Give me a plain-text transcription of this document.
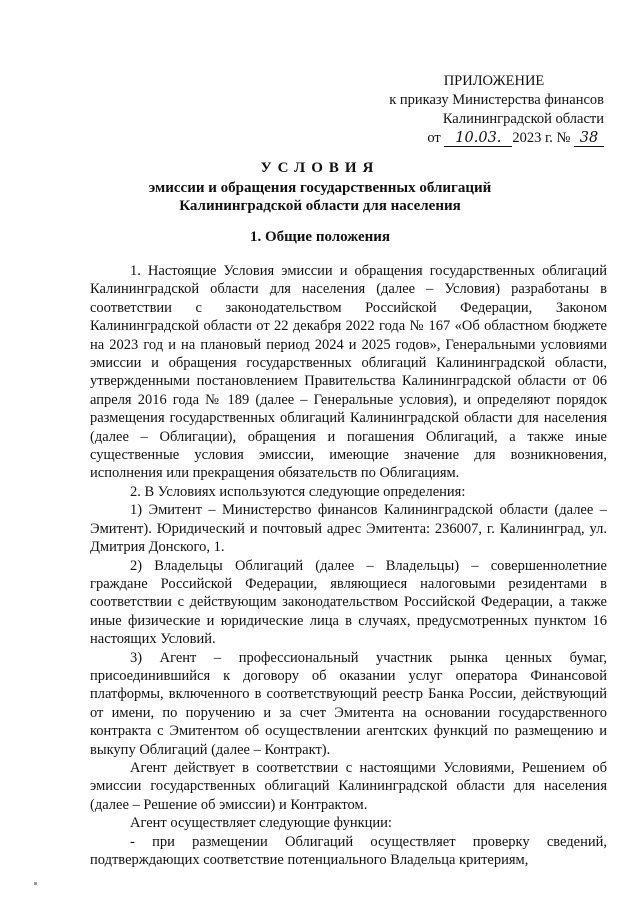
ПРИЛОЖЕНИЕ
к приказу Министерства финансов
Калининградской области
от 10.03. 2023 г. № 38
УСЛОВИЯ
эмиссии и обращения государственных облигаций
Калининградской области для населения
1. Общие положения

1. Настоящие Условия эмиссии и обращения государственных облигаций Калининградской области для населения (далее – Условия) разработаны в соответствии с законодательством Российской Федерации, Законом Калининградской области от 22 декабря 2022 года № 167 «Об областном бюджете на 2023 год и на плановый период 2024 и 2025 годов», Генеральными условиями эмиссии и обращения государственных облигаций Калининградской области, утвержденными постановлением Правительства Калининградской области от 06 апреля 2016 года № 189 (далее – Генеральные условия), и определяют порядок размещения государственных облигаций Калининградской области для населения (далее – Облигации), обращения и погашения Облигаций, а также иные существенные условия эмиссии, имеющие значение для возникновения, исполнения или прекращения обязательств по Облигациям.

2. В Условиях используются следующие определения:

1) Эмитент – Министерство финансов Калининградской области (далее – Эмитент). Юридический и почтовый адрес Эмитента: 236007, г. Калининград, ул. Дмитрия Донского, 1.

2) Владельцы Облигаций (далее – Владельцы) – совершеннолетние граждане Российской Федерации, являющиеся налоговыми резидентами в соответствии с действующим законодательством Российской Федерации, а также иные физические и юридические лица в случаях, предусмотренных пунктом 16 настоящих Условий.

3) Агент – профессиональный участник рынка ценных бумаг, присоединившийся к договору об оказании услуг оператора Финансовой платформы, включенного в соответствующий реестр Банка России, действующий от имени, по поручению и за счет Эмитента на основании государственного контракта с Эмитентом об осуществлении агентских функций по размещению и выкупу Облигаций (далее – Контракт).

Агент действует в соответствии с настоящими Условиями, Решением об эмиссии государственных облигаций Калининградской области для населения (далее – Решение об эмиссии) и Контрактом.

Агент осуществляет следующие функции:

- при размещении Облигаций осуществляет проверку сведений, подтверждающих соответствие потенциального Владельца критериям,
